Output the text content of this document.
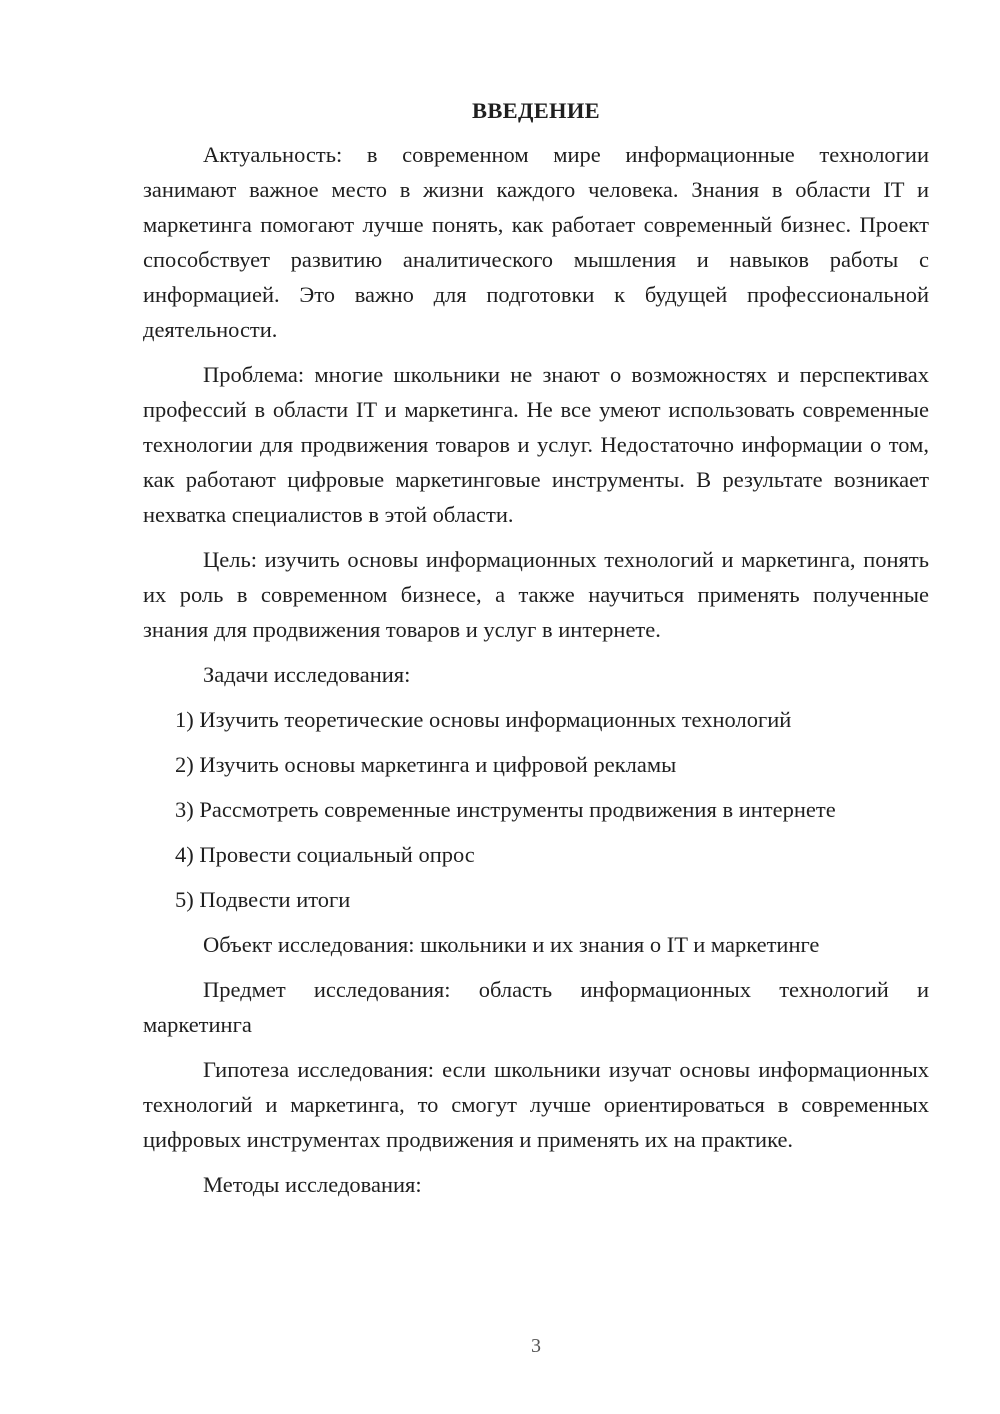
ВВЕДЕНИЕ

Актуальность: в современном мире информационные технологии занимают важное место в жизни каждого человека. Знания в области IT и маркетинга помогают лучше понять, как работает современный бизнес. Проект способствует развитию аналитического мышления и навыков работы с информацией. Это важно для подготовки к будущей профессиональной деятельности.

Проблема: многие школьники не знают о возможностях и перспективах профессий в области IT и маркетинга. Не все умеют использовать современные технологии для продвижения товаров и услуг. Недостаточно информации о том, как работают цифровые маркетинговые инструменты. В результате возникает нехватка специалистов в этой области.

Цель: изучить основы информационных технологий и маркетинга, понять их роль в современном бизнесе, а также научиться применять полученные знания для продвижения товаров и услуг в интернете.

Задачи исследования:

1) Изучить теоретические основы информационных технологий
2) Изучить основы маркетинга и цифровой рекламы
3) Рассмотреть современные инструменты продвижения в интернете
4) Провести социальный опрос
5) Подвести итоги

Объект исследования: школьники и их знания о IT и маркетинге

Предмет исследования: область информационных технологий и маркетинга

Гипотеза исследования: если школьники изучат основы информационных технологий и маркетинга, то смогут лучше ориентироваться в современных цифровых инструментах продвижения и применять их на практике.

Методы исследования:

3
